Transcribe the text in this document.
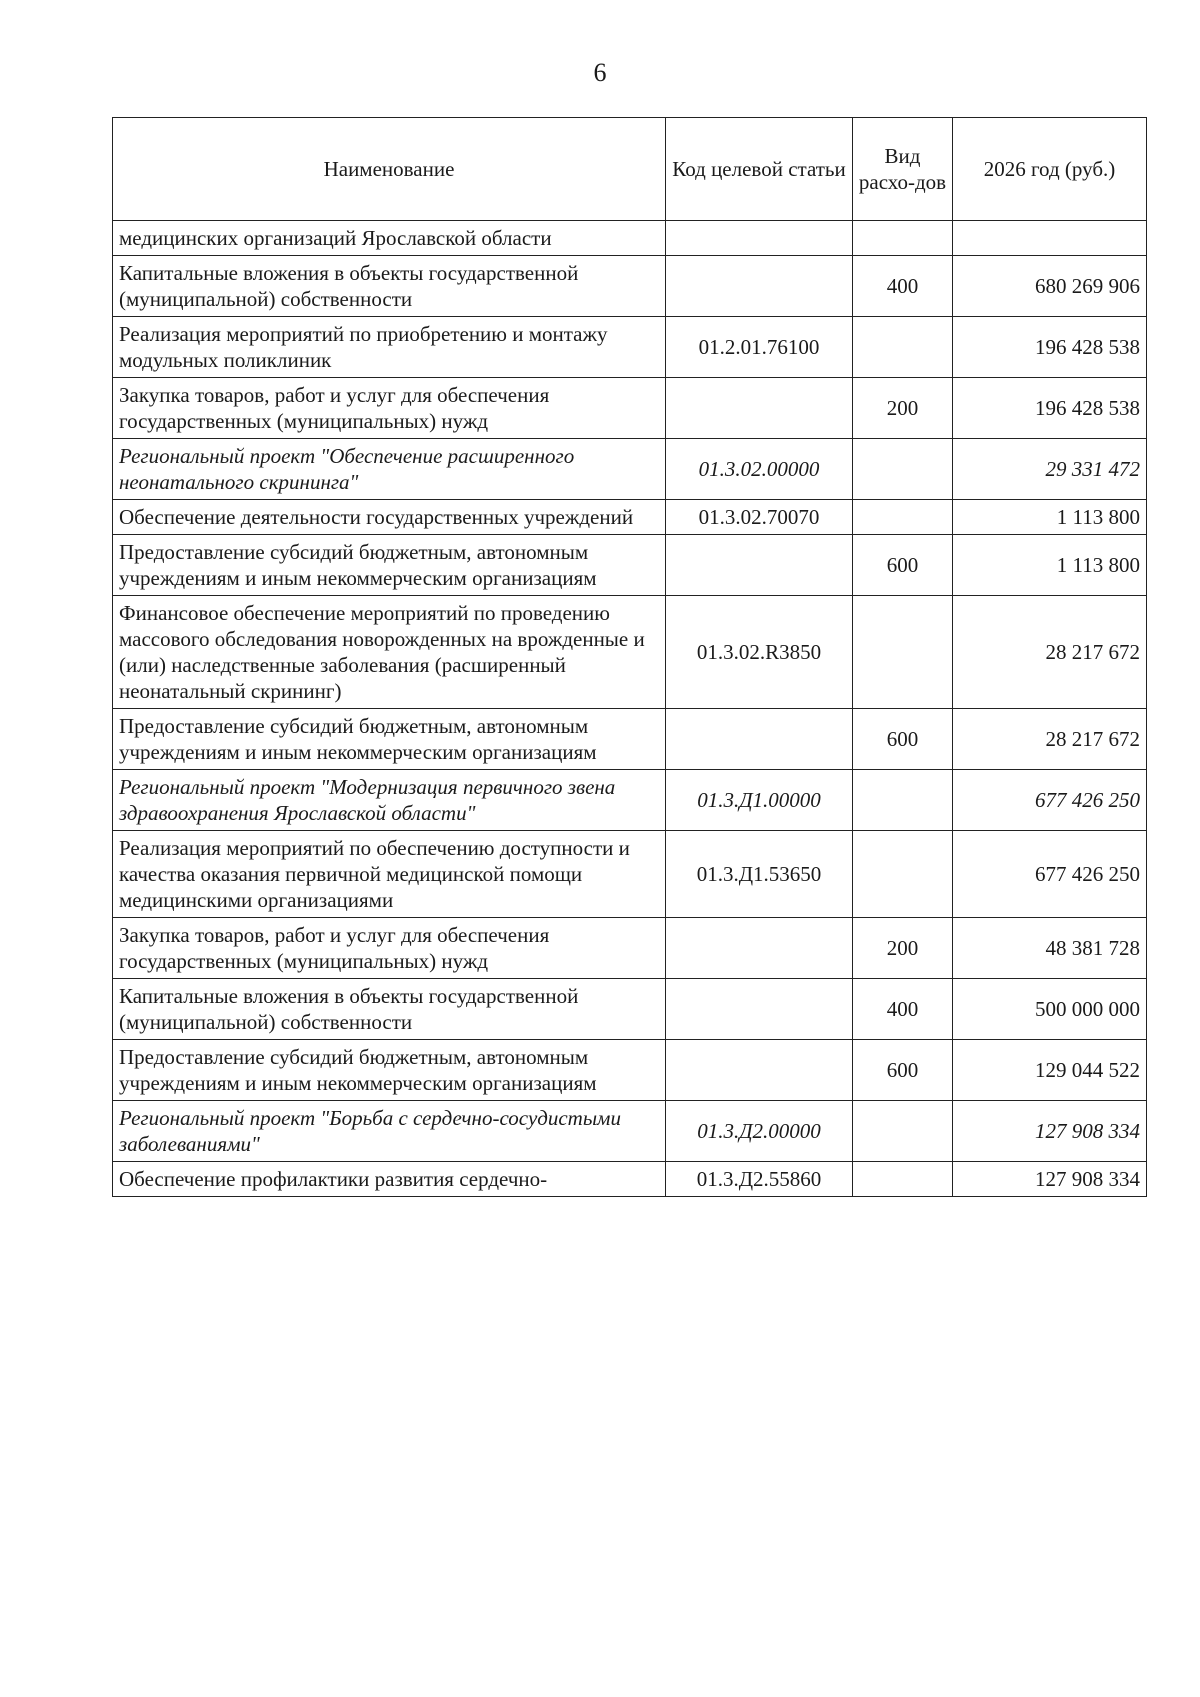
6
Наименование	Код целевой статьи	Вид расхо-дов	2026 год (руб.)
медицинских организаций Ярославской области			
Капитальные вложения в объекты государственной (муниципальной) собственности		400	680 269 906
Реализация мероприятий по приобретению и монтажу модульных поликлиник	01.2.01.76100		196 428 538
Закупка товаров, работ и услуг для обеспечения государственных (муниципальных) нужд		200	196 428 538
Региональный проект "Обеспечение расширенного неонатального скрининга"	01.3.02.00000		29 331 472
Обеспечение деятельности государственных учреждений	01.3.02.70070		1 113 800
Предоставление субсидий бюджетным, автономным учреждениям и иным некоммерческим организациям		600	1 113 800
Финансовое обеспечение мероприятий по проведению массового обследования новорожденных на врожденные и (или) наследственные заболевания (расширенный неонатальный скрининг)	01.3.02.R3850		28 217 672
Предоставление субсидий бюджетным, автономным учреждениям и иным некоммерческим организациям		600	28 217 672
Региональный проект "Модернизация первичного звена здравоохранения Ярославской области"	01.3.Д1.00000		677 426 250
Реализация мероприятий по обеспечению доступности и качества оказания первичной медицинской помощи медицинскими организациями	01.3.Д1.53650		677 426 250
Закупка товаров, работ и услуг для обеспечения государственных (муниципальных) нужд		200	48 381 728
Капитальные вложения в объекты государственной (муниципальной) собственности		400	500 000 000
Предоставление субсидий бюджетным, автономным учреждениям и иным некоммерческим организациям		600	129 044 522
Региональный проект "Борьба с сердечно-сосудистыми заболеваниями"	01.3.Д2.00000		127 908 334
Обеспечение профилактики развития сердечно-	01.3.Д2.55860		127 908 334
